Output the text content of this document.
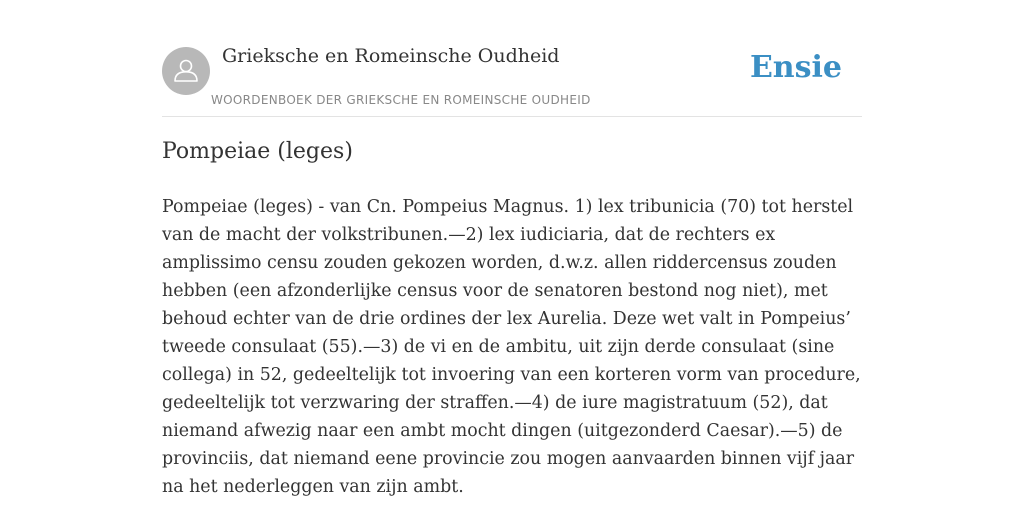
Grieksche en Romeinsche Oudheid
WOORDENBOEK DER GRIEKSCHE EN ROMEINSCHE OUDHEID
Ensie
Pompeiae (leges)

Pompeiae (leges) - van Cn. Pompeius Magnus. 1) lex tribunicia (70) tot herstel van de macht der volkstribunen.—2) lex iudiciaria, dat de rechters ex amplissimo censu zouden gekozen worden, d.w.z. allen riddercensus zouden hebben (een afzonderlijke census voor de senatoren bestond nog niet), met behoud echter van de drie ordines der lex Aurelia. Deze wet valt in Pompeius’ tweede consulaat (55).—3) de vi en de ambitu, uit zijn derde consulaat (sine collega) in 52, gedeeltelijk tot invoering van een korteren vorm van procedure, gedeeltelijk tot verzwaring der straffen.—4) de iure magistratuum (52), dat niemand afwezig naar een ambt mocht dingen (uitgezonderd Caesar).—5) de provinciis, dat niemand eene provincie zou mogen aanvaarden binnen vijf jaar na het nederleggen van zijn ambt.
